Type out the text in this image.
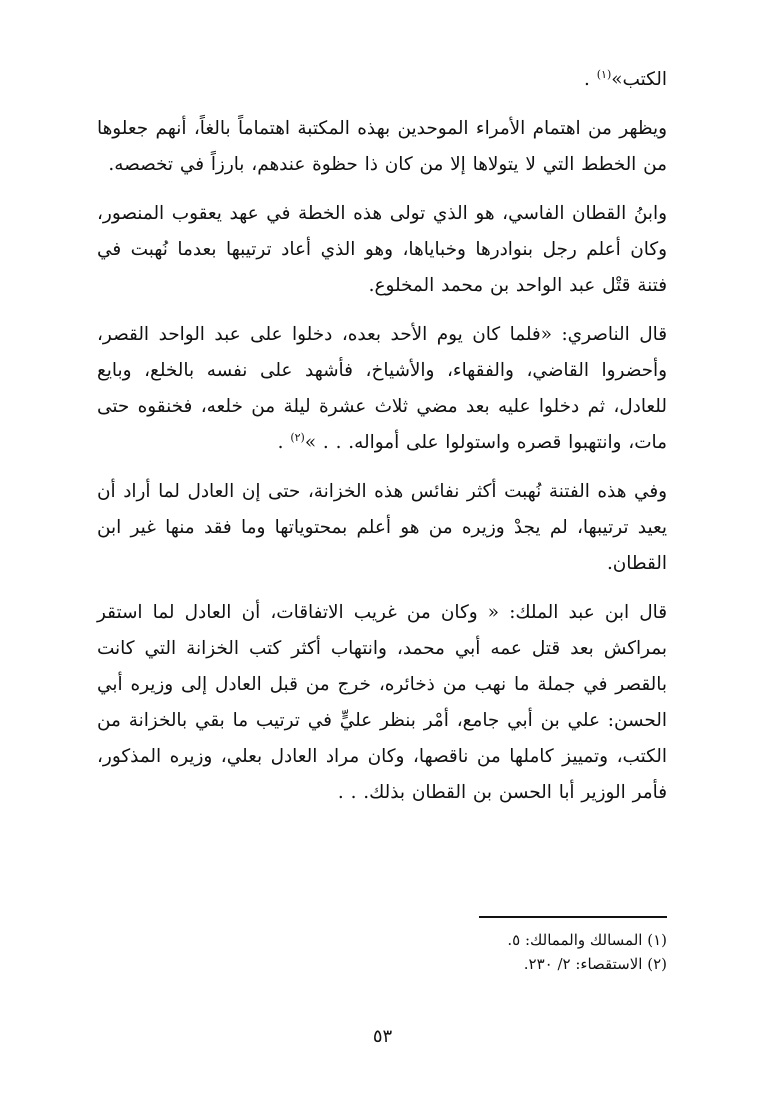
الكتب»$^{(١)}$ .

ويظهر من اهتمام الأمراء الموحدين بهذه المكتبة اهتماماً بالغاً، أنهم جعلوها من الخطط التي لا يتولاها إلا من كان ذا حظوة عندهم، بارزاً في تخصصه.

وابنُ القطان الفاسي، هو الذي تولى هذه الخطة في عهد يعقوب المنصور، وكان أعلم رجل بنوادرها وخباياها، وهو الذي أعاد ترتيبها بعدما نُهبت في فتنة قتْل عبد الواحد بن محمد المخلوع.

قال الناصري: «فلما كان يوم الأحد بعده، دخلوا على عبد الواحد القصر، وأحضروا القاضي، والفقهاء، والأشياخ، فأشهد على نفسه بالخلع، وبايع للعادل، ثم دخلوا عليه بعد مضي ثلاث عشرة ليلة من خلعه، فخنقوه حتى مات، وانتهبوا قصره واستولوا على أمواله. . . »$^{(٢)}$ .

وفي هذه الفتنة نُهبت أكثر نفائس هذه الخزانة، حتى إن العادل لما أراد أن يعيد ترتيبها، لم يجدْ وزيره من هو أعلم بمحتوياتها وما فقد منها غير ابن القطان.

قال ابن عبد الملك: « وكان من غريب الاتفاقات، أن العادل لما استقر بمراكش بعد قتل عمه أبي محمد، وانتهاب أكثر كتب الخزانة التي كانت بالقصر في جملة ما نهب من ذخائره، خرج من قبل العادل إلى وزيره أبي الحسن: علي بن أبي جامع، أمْر بنظر عليٍّ في ترتيب ما بقي بالخزانة من الكتب، وتمييز كاملها من ناقصها، وكان مراد العادل بعلي، وزيره المذكور، فأمر الوزير أبا الحسن بن القطان بذلك. . .

(١) المسالك والممالك: ٥.

(٢) الاستقصاء: ٢/ ٢٣٠.

٥٣
